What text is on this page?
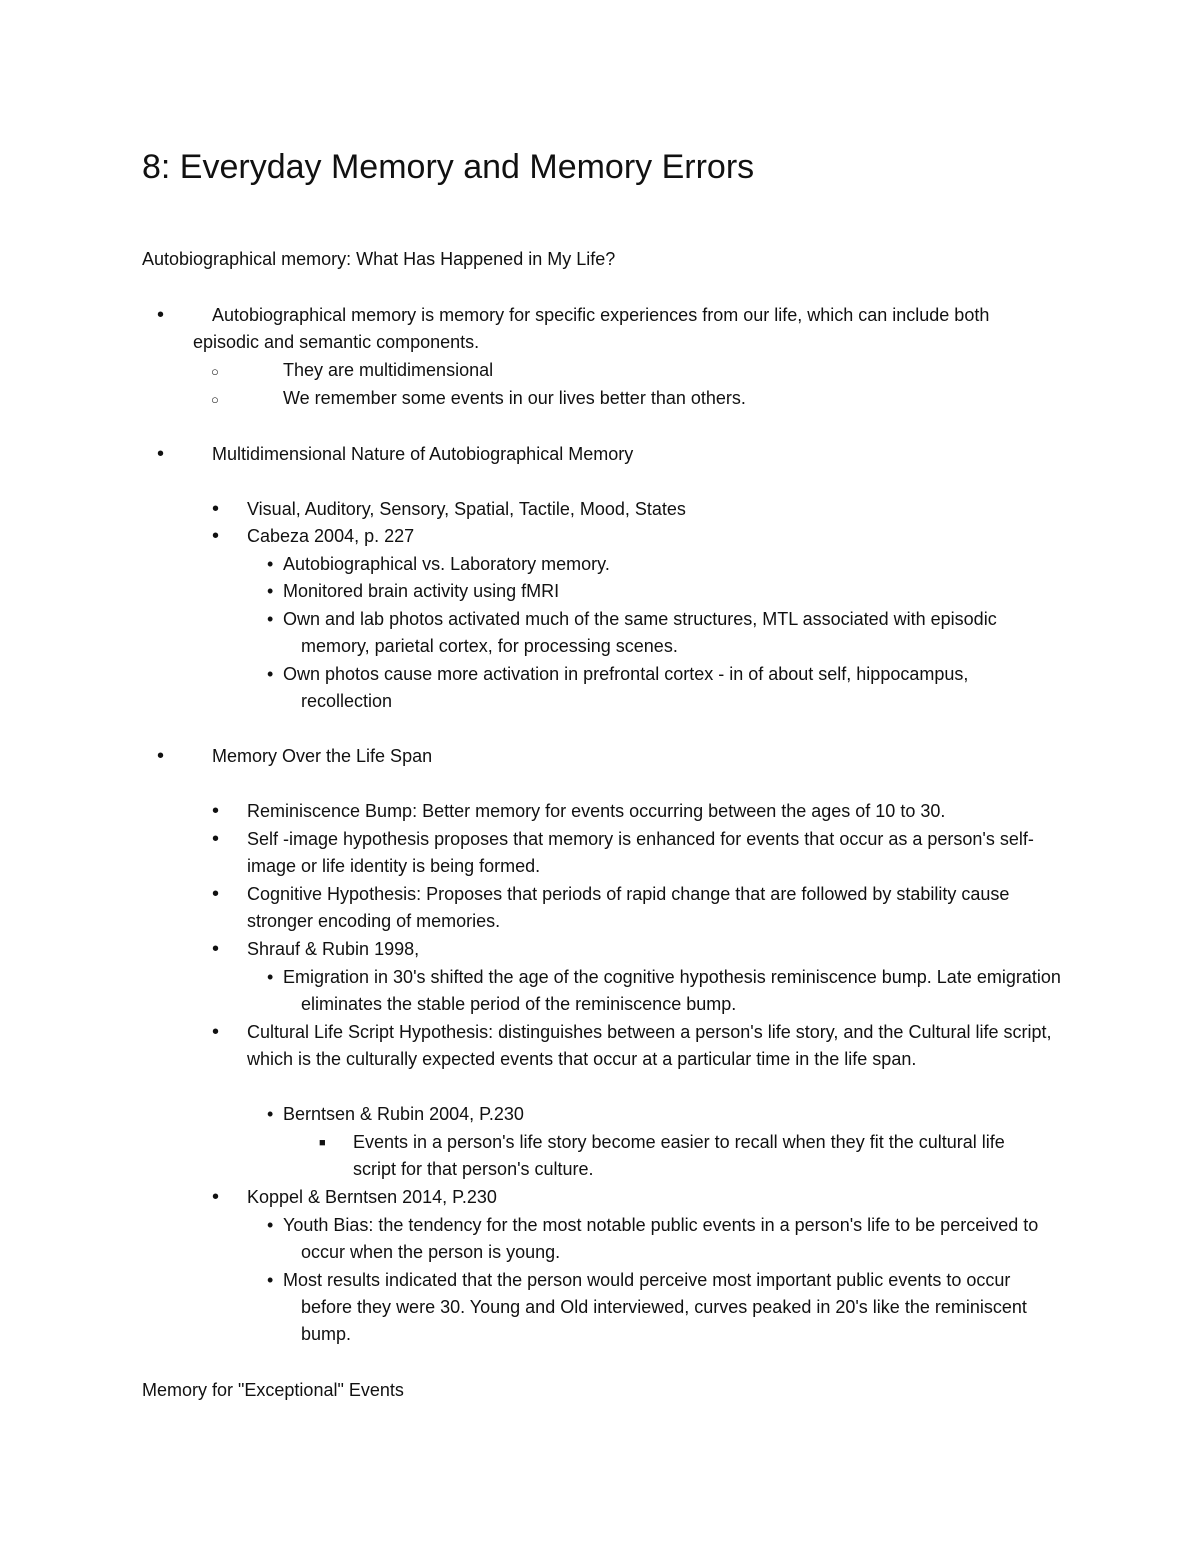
8: Everyday Memory and Memory Errors

Autobiographical memory: What Has Happened in My Life?

•	Autobiographical memory is memory for specific experiences from our life, which can include both episodic and semantic components.
○	They are multidimensional
○	We remember some events in our lives better than others.
•	Multidimensional Nature of Autobiographical Memory
• Visual, Auditory, Sensory, Spatial, Tactile, Mood, States
• Cabeza 2004, p. 227
• Autobiographical vs. Laboratory memory.
• Monitored brain activity using fMRI
• Own and lab photos activated much of the same structures, MTL associated with episodic memory, parietal cortex, for processing scenes.
• Own photos cause more activation in prefrontal cortex - in of about self, hippocampus, recollection
•	Memory Over the Life Span
• Reminiscence Bump: Better memory for events occurring between the ages of 10 to 30.
• Self -image hypothesis proposes that memory is enhanced for events that occur as a person's self-image or life identity is being formed.
• Cognitive Hypothesis: Proposes that periods of rapid change that are followed by stability cause stronger encoding of memories.
• Shrauf & Rubin 1998,
• Emigration in 30's shifted the age of the cognitive hypothesis reminiscence bump. Late emigration eliminates the stable period of the reminiscence bump.
• Cultural Life Script Hypothesis: distinguishes between a person's life story, and the Cultural life script, which is the culturally expected events that occur at a particular time in the life span.
• Berntsen & Rubin 2004, P.230
■ Events in a person's life story become easier to recall when they fit the cultural life script for that person's culture.
• Koppel & Berntsen 2014, P.230
• Youth Bias: the tendency for the most notable public events in a person's life to be perceived to occur when the person is young.
• Most results indicated that the person would perceive most important public events to occur before they were 30. Young and Old interviewed, curves peaked in 20's like the reminiscent bump.

Memory for "Exceptional" Events
